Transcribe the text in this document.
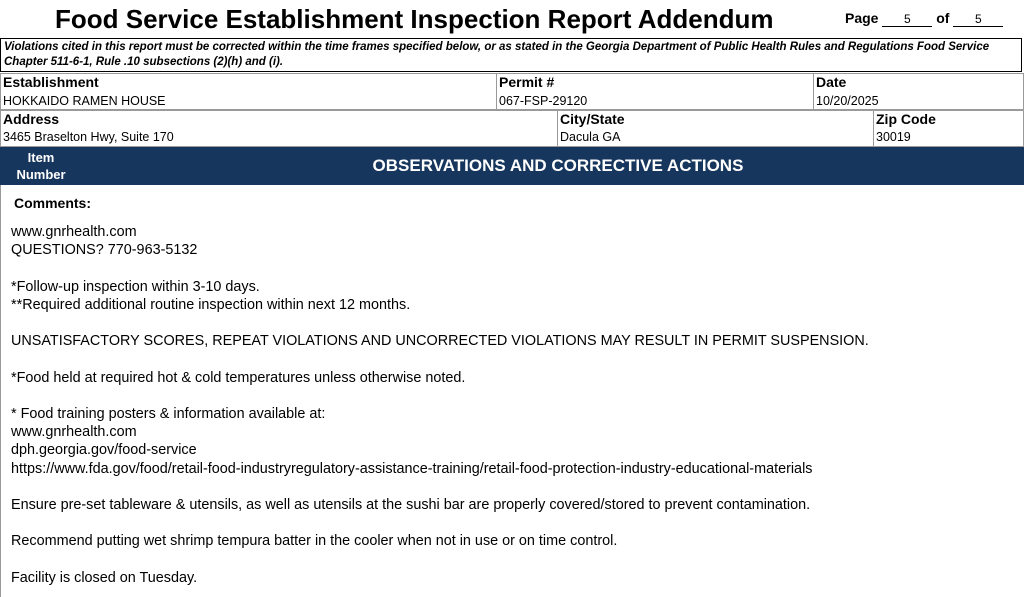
Food Service Establishment Inspection Report Addendum	Page 5 of 5
Violations cited in this report must be corrected within the time frames specified below, or as stated in the Georgia Department of Public Health Rules and Regulations Food Service Chapter 511-6-1, Rule .10 subsections (2)(h) and (i).
Establishment
HOKKAIDO RAMEN HOUSE
Permit #
067-FSP-29120
Date
10/20/2025
Address
3465 Braselton Hwy, Suite 170
City/State
Dacula GA
Zip Code
30019
Item
Number	OBSERVATIONS AND CORRECTIVE ACTIONS
Comments:
www.gnrhealth.com
QUESTIONS? 770-963-5132
*Follow-up inspection within 3-10 days.
**Required additional routine inspection within next 12 months.
UNSATISFACTORY SCORES, REPEAT VIOLATIONS AND UNCORRECTED VIOLATIONS MAY RESULT IN PERMIT SUSPENSION.
*Food held at required hot & cold temperatures unless otherwise noted.
* Food training posters & information available at:
www.gnrhealth.com
dph.georgia.gov/food-service
https://www.fda.gov/food/retail-food-industryregulatory-assistance-training/retail-food-protection-industry-educational-materials
Ensure pre-set tableware & utensils, as well as utensils at the sushi bar are properly covered/stored to prevent contamination.
Recommend putting wet shrimp tempura batter in the cooler when not in use or on time control.
Facility is closed on Tuesday.
